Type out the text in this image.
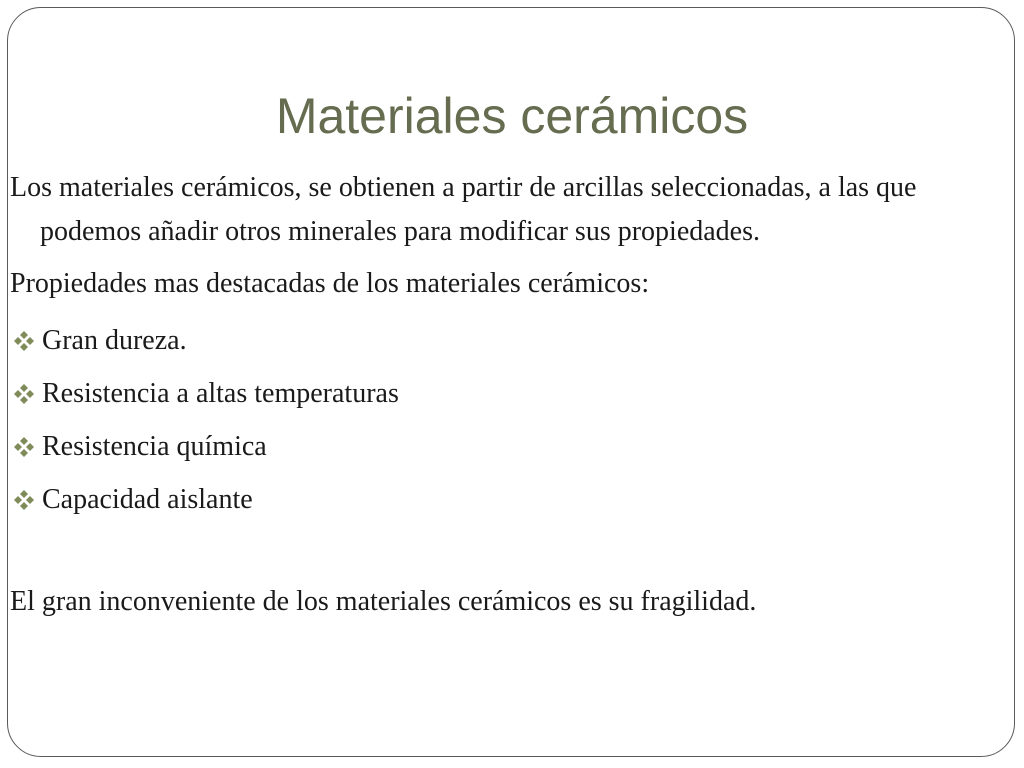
Materiales cerámicos

Los materiales cerámicos, se obtienen a partir de arcillas seleccionadas, a las que podemos añadir otros minerales para modificar sus propiedades.

Propiedades mas destacadas de los materiales cerámicos:

Gran dureza.
Resistencia a altas temperaturas
Resistencia química
Capacidad aislante

El gran inconveniente de los materiales cerámicos es su fragilidad.
